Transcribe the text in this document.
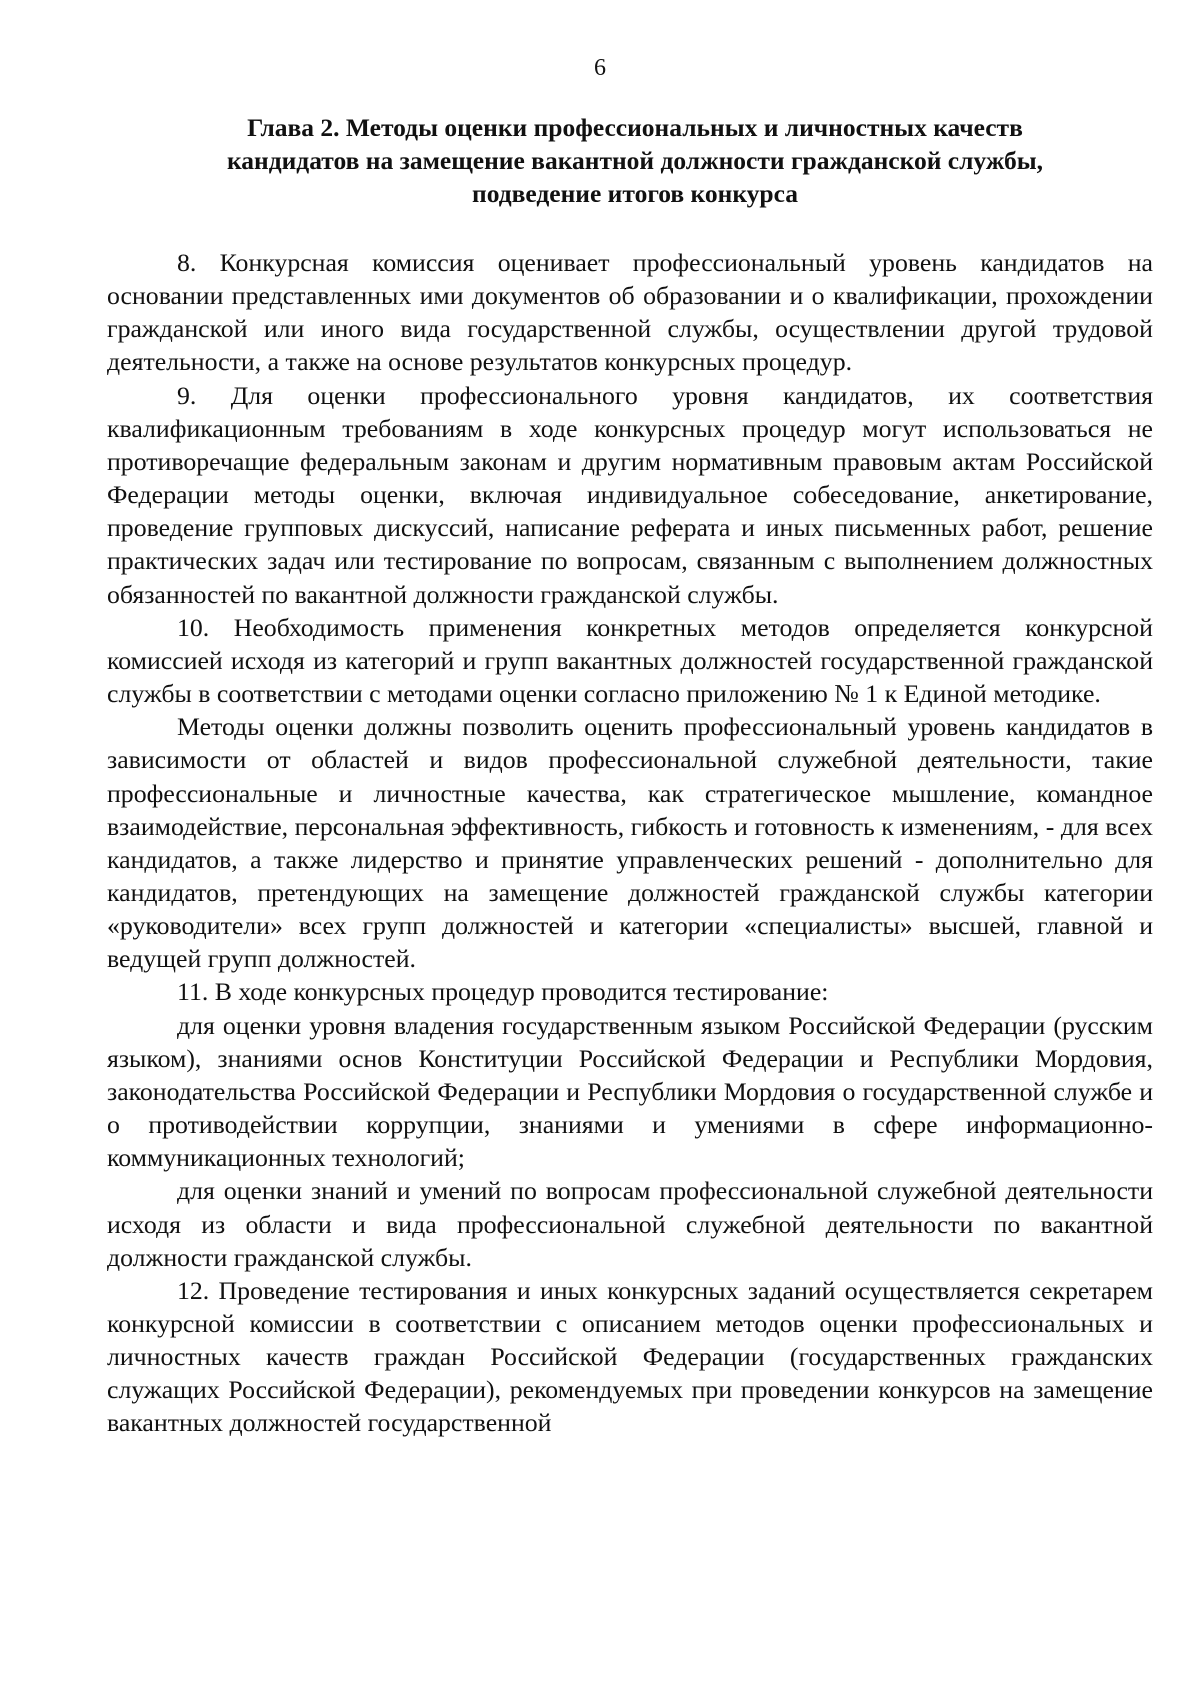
6
Глава 2. Методы оценки профессиональных и личностных качеств
кандидатов на замещение вакантной должности гражданской службы,
подведение итогов конкурса

8. Конкурсная комиссия оценивает профессиональный уровень кандидатов на основании представленных ими документов об образовании и о квалификации, прохождении гражданской или иного вида государственной службы, осуществлении другой трудовой деятельности, а также на основе результатов конкурсных процедур.

9. Для оценки профессионального уровня кандидатов, их соответствия квалификационным требованиям в ходе конкурсных процедур могут использоваться не противоречащие федеральным законам и другим нормативным правовым актам Российской Федерации методы оценки, включая индивидуальное собеседование, анкетирование, проведение групповых дискуссий, написание реферата и иных письменных работ, решение практических задач или тестирование по вопросам, связанным с выполнением должностных обязанностей по вакантной должности гражданской службы.

10. Необходимость применения конкретных методов определяется конкурсной комиссией исходя из категорий и групп вакантных должностей государственной гражданской службы в соответствии с методами оценки согласно приложению № 1 к Единой методике.

Методы оценки должны позволить оценить профессиональный уровень кандидатов в зависимости от областей и видов профессиональной служебной деятельности, такие профессиональные и личностные качества, как стратегическое мышление, командное взаимодействие, персональная эффективность, гибкость и готовность к изменениям, - для всех кандидатов, а также лидерство и принятие управленческих решений - дополнительно для кандидатов, претендующих на замещение должностей гражданской службы категории «руководители» всех групп должностей и категории «специалисты» высшей, главной и ведущей групп должностей.

11. В ходе конкурсных процедур проводится тестирование:

для оценки уровня владения государственным языком Российской Федерации (русским языком), знаниями основ Конституции Российской Федерации и Республики Мордовия, законодательства Российской Федерации и Республики Мордовия о государственной службе и о противодействии коррупции, знаниями и умениями в сфере информационно-коммуникационных технологий;

для оценки знаний и умений по вопросам профессиональной служебной деятельности исходя из области и вида профессиональной служебной деятельности по вакантной должности гражданской службы.

12. Проведение тестирования и иных конкурсных заданий осуществляется секретарем конкурсной комиссии в соответствии с описанием методов оценки профессиональных и личностных качеств граждан Российской Федерации (государственных гражданских служащих Российской Федерации), рекомендуемых при проведении конкурсов на замещение вакантных должностей государственной
